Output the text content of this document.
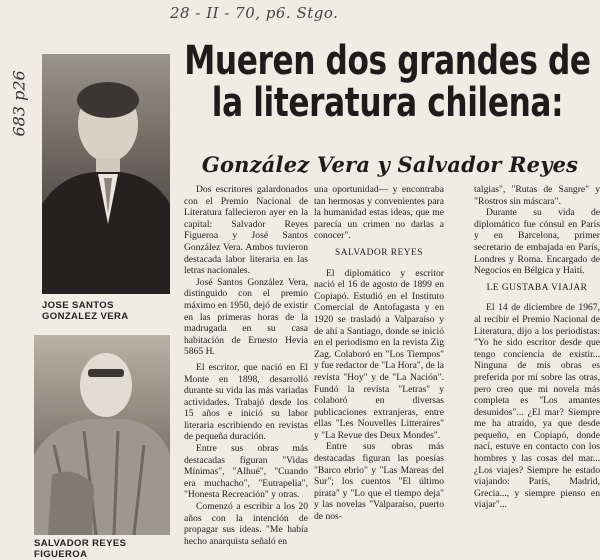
28 - II - 70, p6. Stgo.
683 p26
JOSE SANTOS GONZALEZ VERA
SALVADOR REYES FIGUEROA
Mueren dos grandes de
la literatura chilena:
González Vera y Salvador Reyes

Dos escritores galardonados con el Premio Nacional de Literatura fallecieron ayer en la capital: Salvador Reyes Figueroa y José Santos González Vera. Ambos tuvieron destacada labor literaria en las letras nacionales.

José Santos González Vera, distinguido con el premio máximo en 1950, dejó de existir en las primeras horas de la madrugada en su casa habitación de Ernesto Hevia 5865 H.

El escritor, que nació en El Monte en 1898, desarrolló durante su vida las más variadas actividades. Trabajó desde los 15 años e inició su labor literaria escribiendo en revistas de pequeña duración.

Entre sus obras más destacadas figuran "Vidas Mínimas", "Alhué", "Cuando era muchacho", "Eutrapelia", "Honesta Recreación" y otras.

Comenzó a escribir a los 20 años con la intención de propagar sus ideas. "Me había hecho anarquista señaló en

una oportunidad— y encontraba tan hermosas y convenientes para la humanidad estas ideas, que me parecía un crimen no darlas a conocer".

SALVADOR REYES

El diplomático y escritor nació el 16 de agosto de 1899 en Copiapó. Estudió en el Instituto Comercial de Antofagasta y en 1920 se trasladó a Valparaíso y de ahí a Santiago, donde se inició en el periodismo en la revista Zig Zag. Colaboró en "Los Tiempos" y fue redactor de "La Hora", de la revista "Hoy" y de "La Nación". Fundó la revista "Letras" y colaboró en diversas publicaciones extranjeras, entre ellas "Les Nouvelles Litteraires" y "La Revue des Deux Mondes".

Entre sus obras más destacadas figuran las poesías "Barco ebrio" y "Las Mareas del Sur"; los cuentos "El último pirata" y "Lo que el tiempo deja" y las novelas "Valparaíso, puerto de nos-

talgias", "Rutas de Sangre" y "Rostros sin máscara".

Durante su vida de diplomático fue cónsul en París y en Barcelona, primer secretario de embajada en París, Londres y Roma. Encargado de Negocios en Bélgica y Haití.

LE GUSTABA VIAJAR

El 14 de diciembre de 1967, al recibir el Premio Nacional de Literatura, dijo a los periodistas: "Yo he sido escritor desde que tengo conciencia de existir... Ninguna de mis obras es preferida por mí sobre las otras, pero creo que mi novela más completa es "Los amantes desunidos"... ¿El mar? Siempre me ha atraído, ya que desde pequeño, en Copiapó, donde nací, estuve en contacto con los hombres y las cosas del mar... ¿Los viajes? Siempre he estado viajando: París, Madrid, Grecia..., y siempre pienso en viajar"...
